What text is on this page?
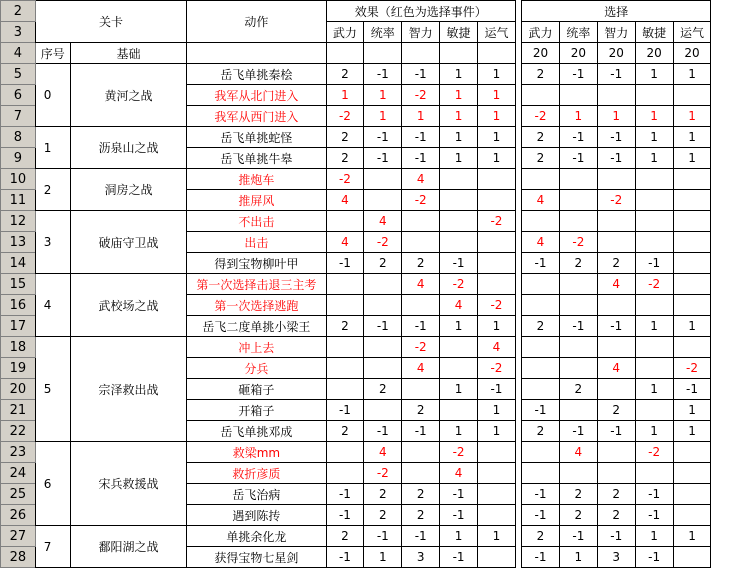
2	关卡		动作	效果（红色为选择事件）						选择					
3				武力	统率	智力	敏捷	运气		武力	统率	智力	敏捷	运气	
4	序号	基础								20	20	20	20	20	
5	0	黄河之战	岳飞单挑秦桧	2	-1	-1	1	1		2	-1	-1	1	1	
6			我军从北门进入	1	1	-2	1	1							
7			我军从西门进入	-2	1	1	1	1		-2	1	1	1	1	
8	1	沥泉山之战	岳飞单挑蛇怪	2	-1	-1	1	1		2	-1	-1	1	1	
9			岳飞单挑牛皋	2	-1	-1	1	1		2	-1	-1	1	1	
10	2	洞房之战	推炮车	-2		4									
11			推屏风	4		-2				4		-2			
12	3	破庙守卫战	不出击		4			-2							
13			出击	4	-2					4	-2				
14			得到宝物柳叶甲	-1	2	2	-1			-1	2	2	-1		
15	4	武校场之战	第一次选择击退三主考			4	-2					4	-2		
16			第一次选择逃跑				4	-2							
17			岳飞二度单挑小梁王	2	-1	-1	1	1		2	-1	-1	1	1	
18	5	宗泽救出战	冲上去			-2		4							
19			分兵			4		-2				4		-2	
20			砸箱子		2		1	-1			2		1	-1	
21			开箱子	-1		2		1		-1		2		1	
22			岳飞单挑邓成	2	-1	-1	1	1		2	-1	-1	1	1	
23	6	宋兵救援战	救梁mm		4		-2				4		-2		
24			救折彦质		-2		4								
25			岳飞治病	-1	2	2	-1			-1	2	2	-1		
26			遇到陈抟	-1	2	2	-1			-1	2	2	-1		
27	7	鄱阳湖之战	单挑余化龙	2	-1	-1	1	1		2	-1	-1	1	1	
28			获得宝物七星剑	-1	1	3	-1			-1	1	3	-1		
